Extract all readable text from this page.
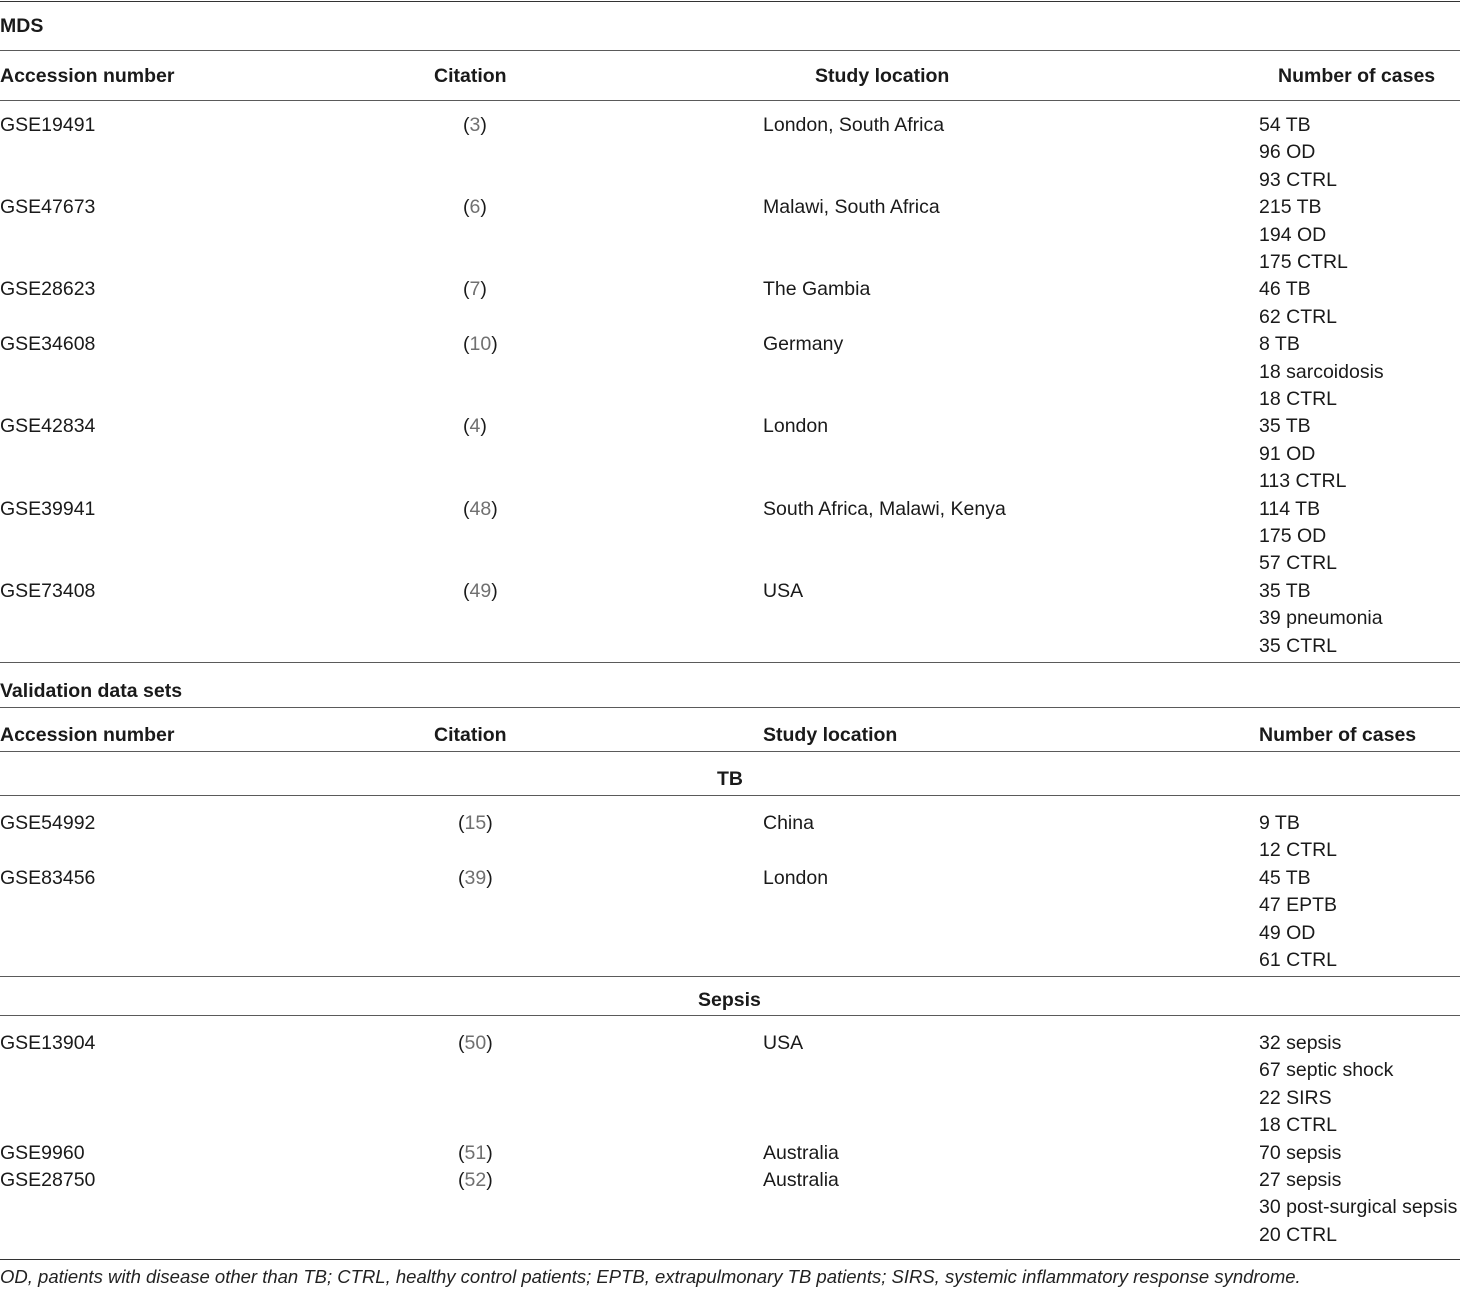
MDS
Accession number	Citation	Study location	Number of cases
GSE19491	(3)	London, South Africa	54 TB
96 OD
93 CTRL
GSE47673	(6)	Malawi, South Africa	215 TB
194 OD
175 CTRL
GSE28623	(7)	The Gambia	46 TB
62 CTRL
GSE34608	(10)	Germany	8 TB
18 sarcoidosis
18 CTRL
GSE42834	(4)	London	35 TB
91 OD
113 CTRL
GSE39941	(48)	South Africa, Malawi, Kenya	114 TB
175 OD
57 CTRL
GSE73408	(49)	USA	35 TB
39 pneumonia
35 CTRL
Validation data sets
Accession number	Citation	Study location	Number of cases
TB
GSE54992	(15)	China	9 TB
12 CTRL
GSE83456	(39)	London	45 TB
47 EPTB
49 OD
61 CTRL
Sepsis
GSE13904	(50)	USA	32 sepsis
67 septic shock
22 SIRS
18 CTRL
GSE9960	(51)	Australia	70 sepsis
GSE28750	(52)	Australia	27 sepsis
30 post-surgical sepsis
20 CTRL
OD, patients with disease other than TB; CTRL, healthy control patients; EPTB, extrapulmonary TB patients; SIRS, systemic inflammatory response syndrome.
